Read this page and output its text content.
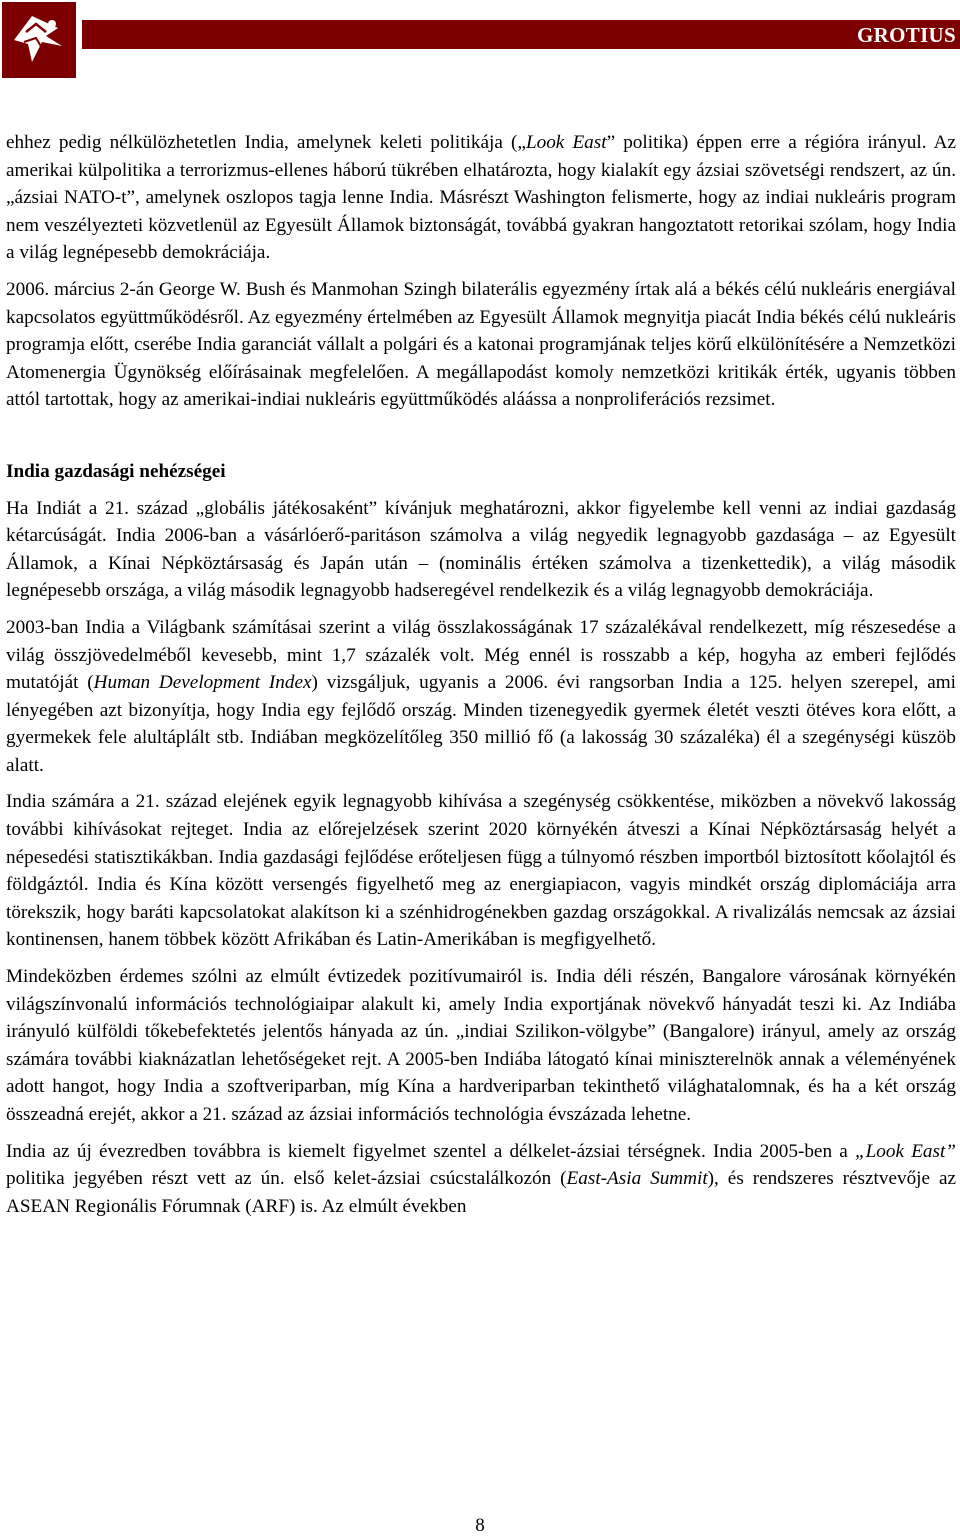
GROTIUS

ehhez pedig nélkülözhetetlen India, amelynek keleti politikája („Look East” politika) éppen erre a régióra irányul. Az amerikai külpolitika a terrorizmus-ellenes háború tükrében elhatározta, hogy kialakít egy ázsiai szövetségi rendszert, az ún. „ázsiai NATO-t”, amelynek oszlopos tagja lenne India. Másrészt Washington felismerte, hogy az indiai nukleáris program nem veszélyezteti közvetlenül az Egyesült Államok biztonságát, továbbá gyakran hangoztatott retorikai szólam, hogy India a világ legnépesebb demokráciája.

2006. március 2-án George W. Bush és Manmohan Szingh bilaterális egyezmény írtak alá a békés célú nukleáris energiával kapcsolatos együttműködésről. Az egyezmény értelmében az Egyesült Államok megnyitja piacát India békés célú nukleáris programja előtt, cserébe India garanciát vállalt a polgári és a katonai programjának teljes körű elkülönítésére a Nemzetközi Atomenergia Ügynökség előírásainak megfelelően. A megállapodást komoly nemzetközi kritikák érték, ugyanis többen attól tartottak, hogy az amerikai-indiai nukleáris együttműködés aláássa a nonproliferációs rezsimet.

India gazdasági nehézségei

Ha Indiát a 21. század „globális játékosaként” kívánjuk meghatározni, akkor figyelembe kell venni az indiai gazdaság kétarcúságát. India 2006-ban a vásárlóerő-paritáson számolva a világ negyedik legnagyobb gazdasága – az Egyesült Államok, a Kínai Népköztársaság és Japán után – (nominális értéken számolva a tizenkettedik), a világ második legnépesebb országa, a világ második legnagyobb hadseregével rendelkezik és a világ legnagyobb demokráciája.

2003-ban India a Világbank számításai szerint a világ összlakosságának 17 százalékával rendelkezett, míg részesedése a világ összjövedelméből kevesebb, mint 1,7 százalék volt. Még ennél is rosszabb a kép, hogyha az emberi fejlődés mutatóját (Human Development Index) vizsgáljuk, ugyanis a 2006. évi rangsorban India a 125. helyen szerepel, ami lényegében azt bizonyítja, hogy India egy fejlődő ország. Minden tizenegyedik gyermek életét veszti ötéves kora előtt, a gyermekek fele alultáplált stb. Indiában megközelítőleg 350 millió fő (a lakosság 30 százaléka) él a szegénységi küszöb alatt.

India számára a 21. század elejének egyik legnagyobb kihívása a szegénység csökkentése, miközben a növekvő lakosság további kihívásokat rejteget. India az előrejelzések szerint 2020 környékén átveszi a Kínai Népköztársaság helyét a népesedési statisztikákban. India gazdasági fejlődése erőteljesen függ a túlnyomó részben importból biztosított kőolajtól és földgáztól. India és Kína között versengés figyelhető meg az energiapiacon, vagyis mindkét ország diplomáciája arra törekszik, hogy baráti kapcsolatokat alakítson ki a szénhidrogénekben gazdag országokkal. A rivalizálás nemcsak az ázsiai kontinensen, hanem többek között Afrikában és Latin-Amerikában is megfigyelhető.

Mindeközben érdemes szólni az elmúlt évtizedek pozitívumairól is. India déli részén, Bangalore városának környékén világszínvonalú információs technológiaipar alakult ki, amely India exportjának növekvő hányadát teszi ki. Az Indiába irányuló külföldi tőkebefektetés jelentős hányada az ún. „indiai Szilikon-völgybe” (Bangalore) irányul, amely az ország számára további kiaknázatlan lehetőségeket rejt. A 2005-ben Indiába látogató kínai miniszterelnök annak a véleményének adott hangot, hogy India a szoftveriparban, míg Kína a hardveriparban tekinthető világhatalomnak, és ha a két ország összeadná erejét, akkor a 21. század az ázsiai információs technológia évszázada lehetne.

India az új évezredben továbbra is kiemelt figyelmet szentel a délkelet-ázsiai térségnek. India 2005-ben a „Look East” politika jegyében részt vett az ún. első kelet-ázsiai csúcstalálkozón (East-Asia Summit), és rendszeres résztvevője az ASEAN Regionális Fórumnak (ARF) is. Az elmúlt években

8
